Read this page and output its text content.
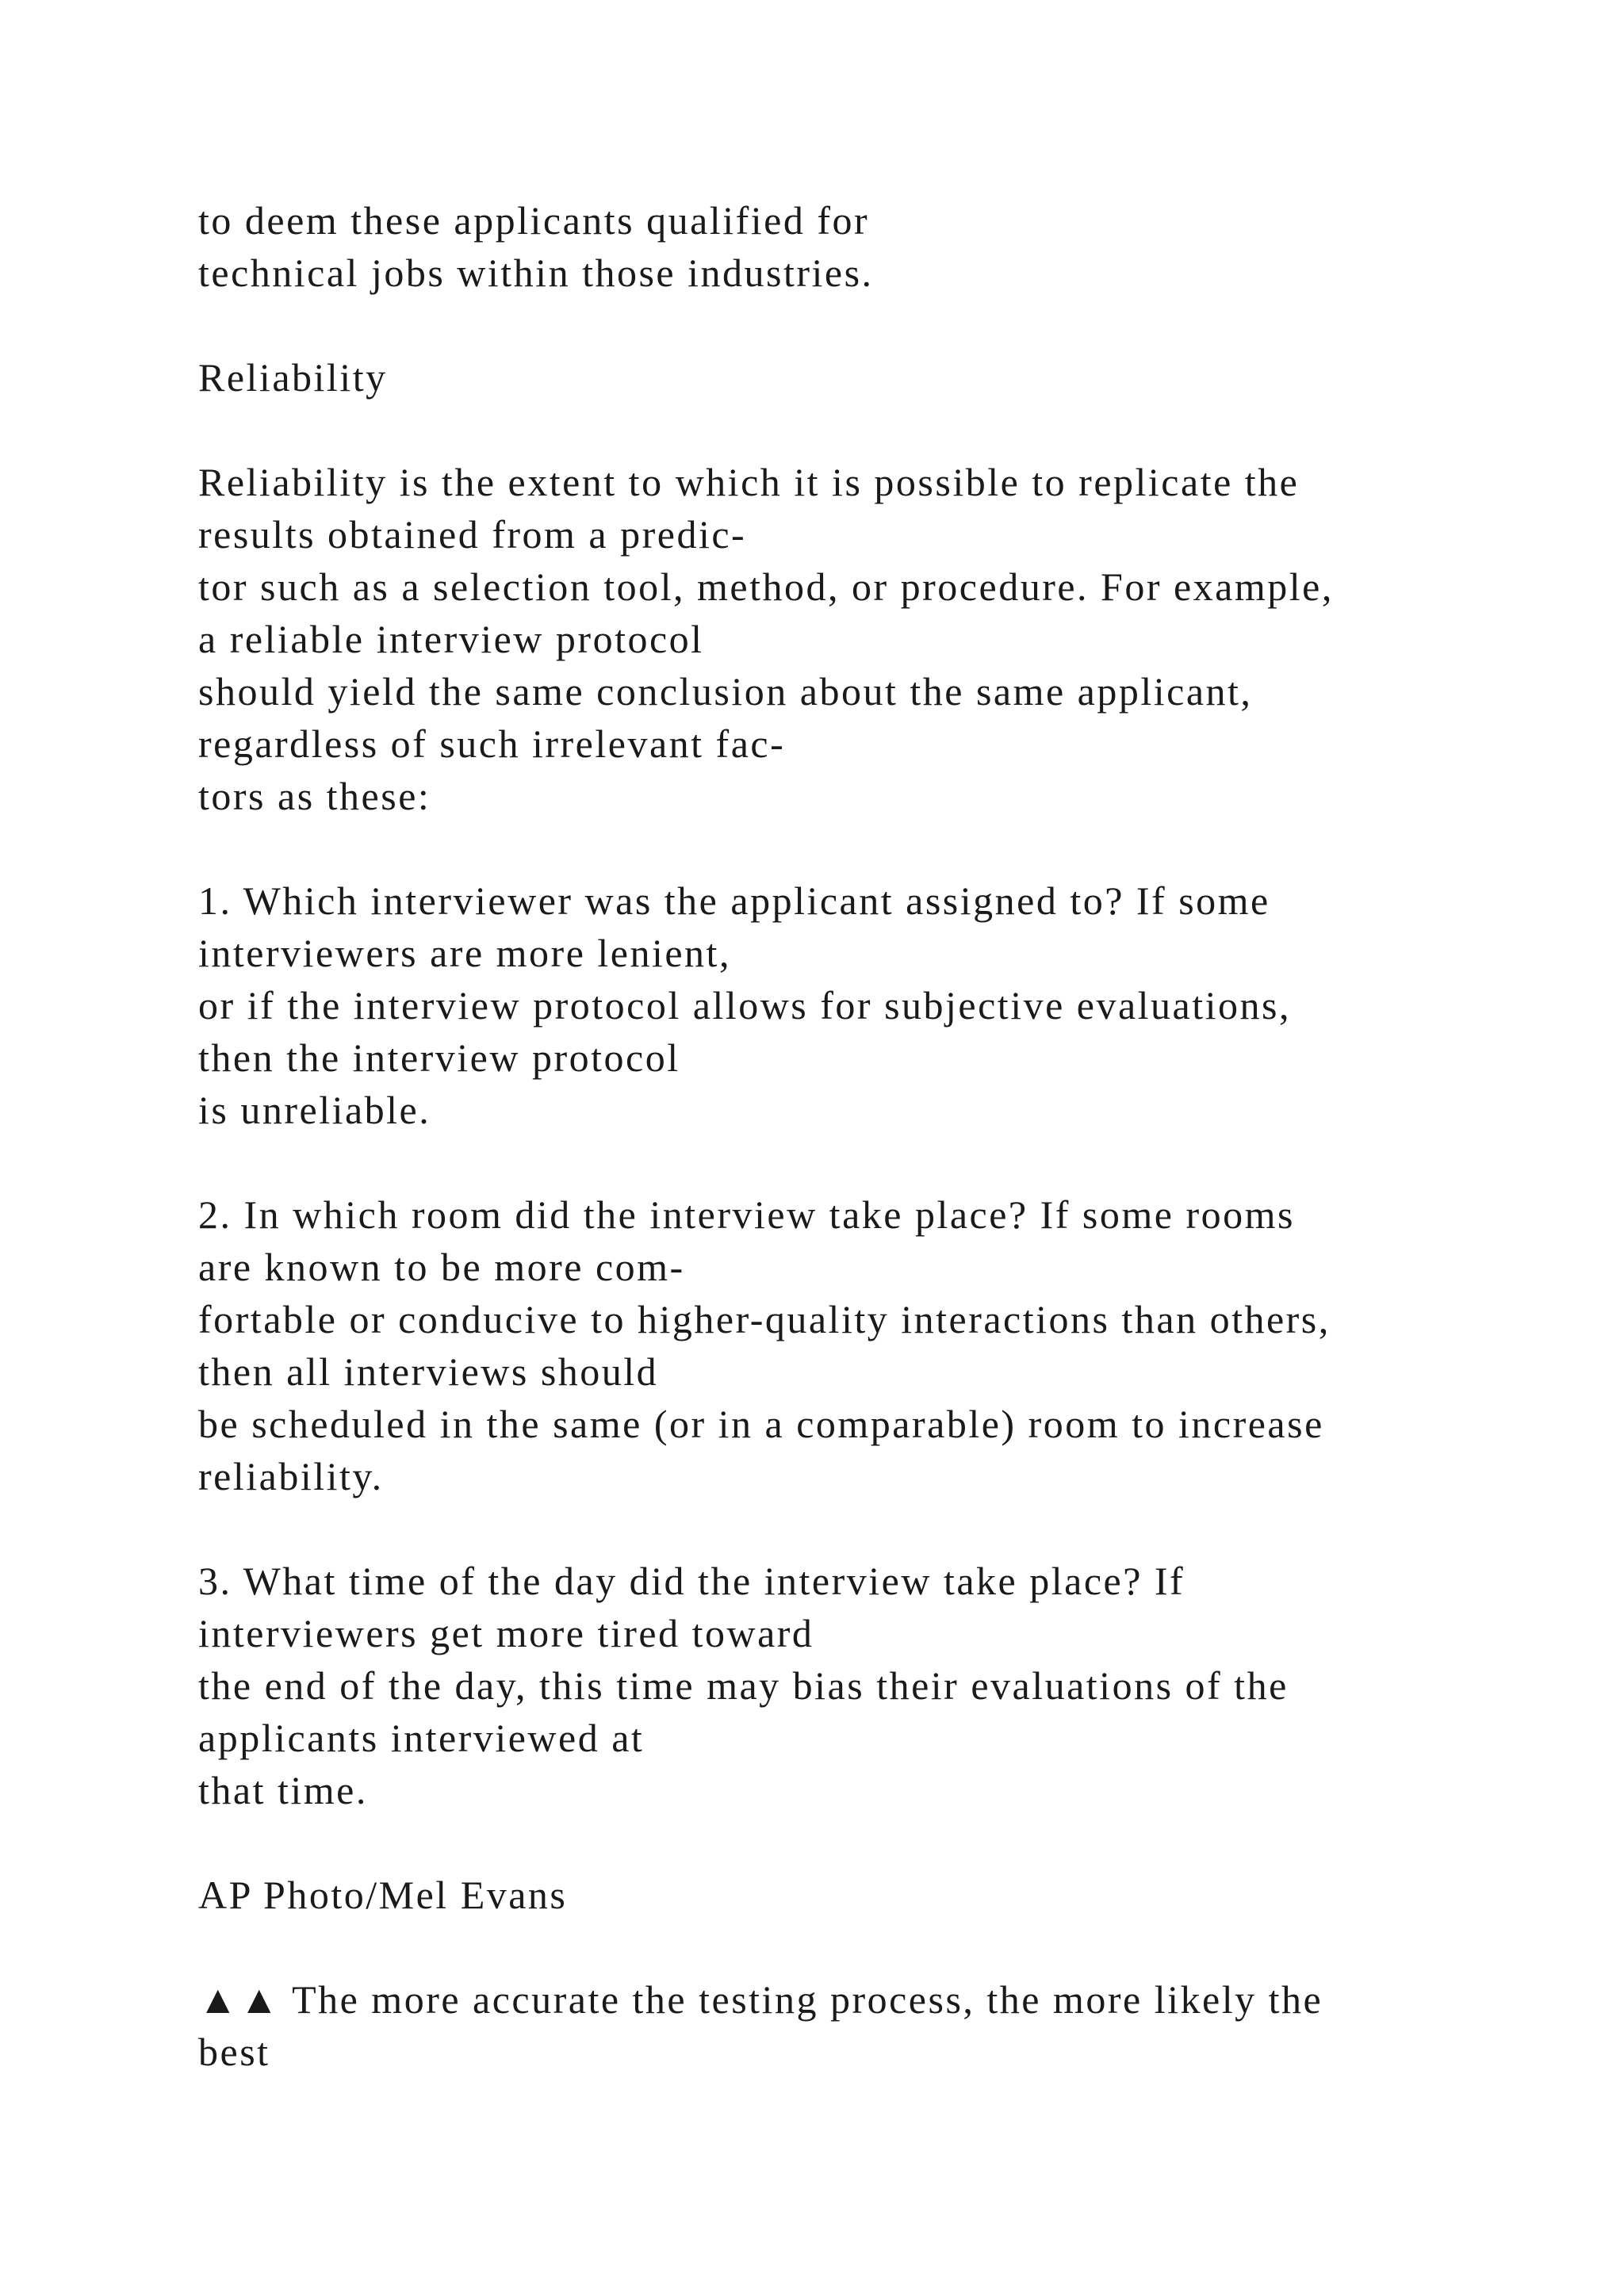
to deem these applicants qualified for
technical jobs within those industries.
Reliability
Reliability is the extent to which it is possible to replicate the
results obtained from a predic-
tor such as a selection tool, method, or procedure. For example,
a reliable interview protocol
should yield the same conclusion about the same applicant,
regardless of such irrelevant fac-
tors as these:
1. Which interviewer was the applicant assigned to? If some
interviewers are more lenient,
or if the interview protocol allows for subjective evaluations,
then the interview protocol
is unreliable.
2. In which room did the interview take place? If some rooms
are known to be more com-
fortable or conducive to higher-quality interactions than others,
then all interviews should
be scheduled in the same (or in a comparable) room to increase
reliability.
3. What time of the day did the interview take place? If
interviewers get more tired toward
the end of the day, this time may bias their evaluations of the
applicants interviewed at
that time.
AP Photo/Mel Evans
▲▲ The more accurate the testing process, the more likely the
best
